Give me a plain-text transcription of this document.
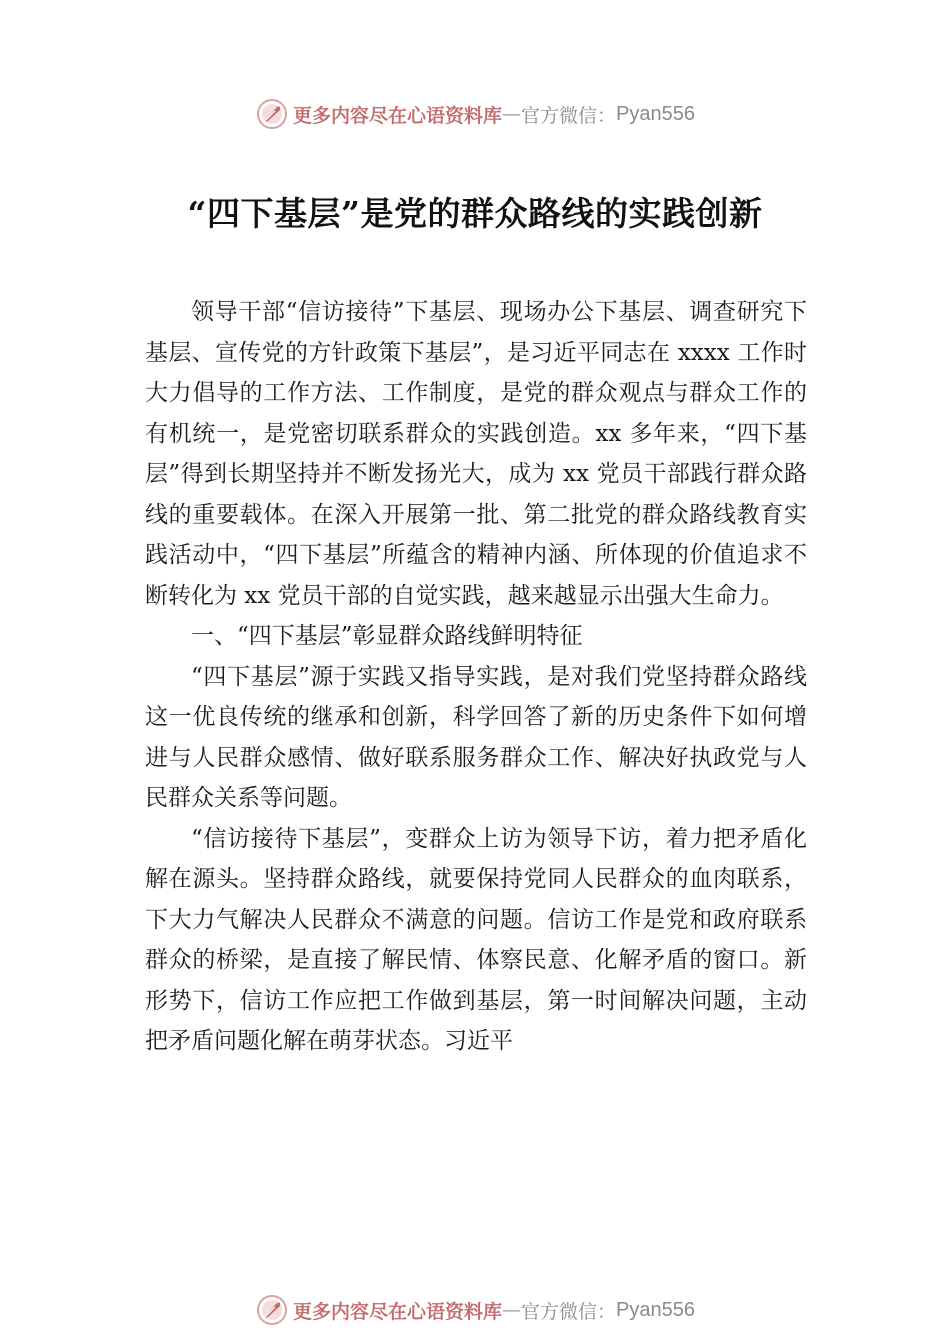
更多内容尽在心语资料库 — 官方微信： Pyan556
“四下基层”是党的群众路线的实践创新

领导干部“信访接待”下基层、现场办公下基层、调查研究下基层、宣传党的方针政策下基层”，是习近平同志在 xxxx 工作时大力倡导的工作方法、工作制度，是党的群众观点与群众工作的有机统一，是党密切联系群众的实践创造。xx 多年来，“四下基层”得到长期坚持并不断发扬光大，成为 xx 党员干部践行群众路线的重要载体。在深入开展第一批、第二批党的群众路线教育实践活动中，“四下基层”所蕴含的精神内涵、所体现的价值追求不断转化为 xx 党员干部的自觉实践，越来越显示出强大生命力。

一、“四下基层”彰显群众路线鲜明特征

“四下基层”源于实践又指导实践，是对我们党坚持群众路线这一优良传统的继承和创新，科学回答了新的历史条件下如何增进与人民群众感情、做好联系服务群众工作、解决好执政党与人民群众关系等问题。

“信访接待下基层”，变群众上访为领导下访，着力把矛盾化解在源头。坚持群众路线，就要保持党同人民群众的血肉联系，下大力气解决人民群众不满意的问题。信访工作是党和政府联系群众的桥梁，是直接了解民情、体察民意、化解矛盾的窗口。新形势下，信访工作应把工作做到基层，第一时间解决问题，主动把矛盾问题化解在萌芽状态。习近平

更多内容尽在心语资料库 — 官方微信： Pyan556
